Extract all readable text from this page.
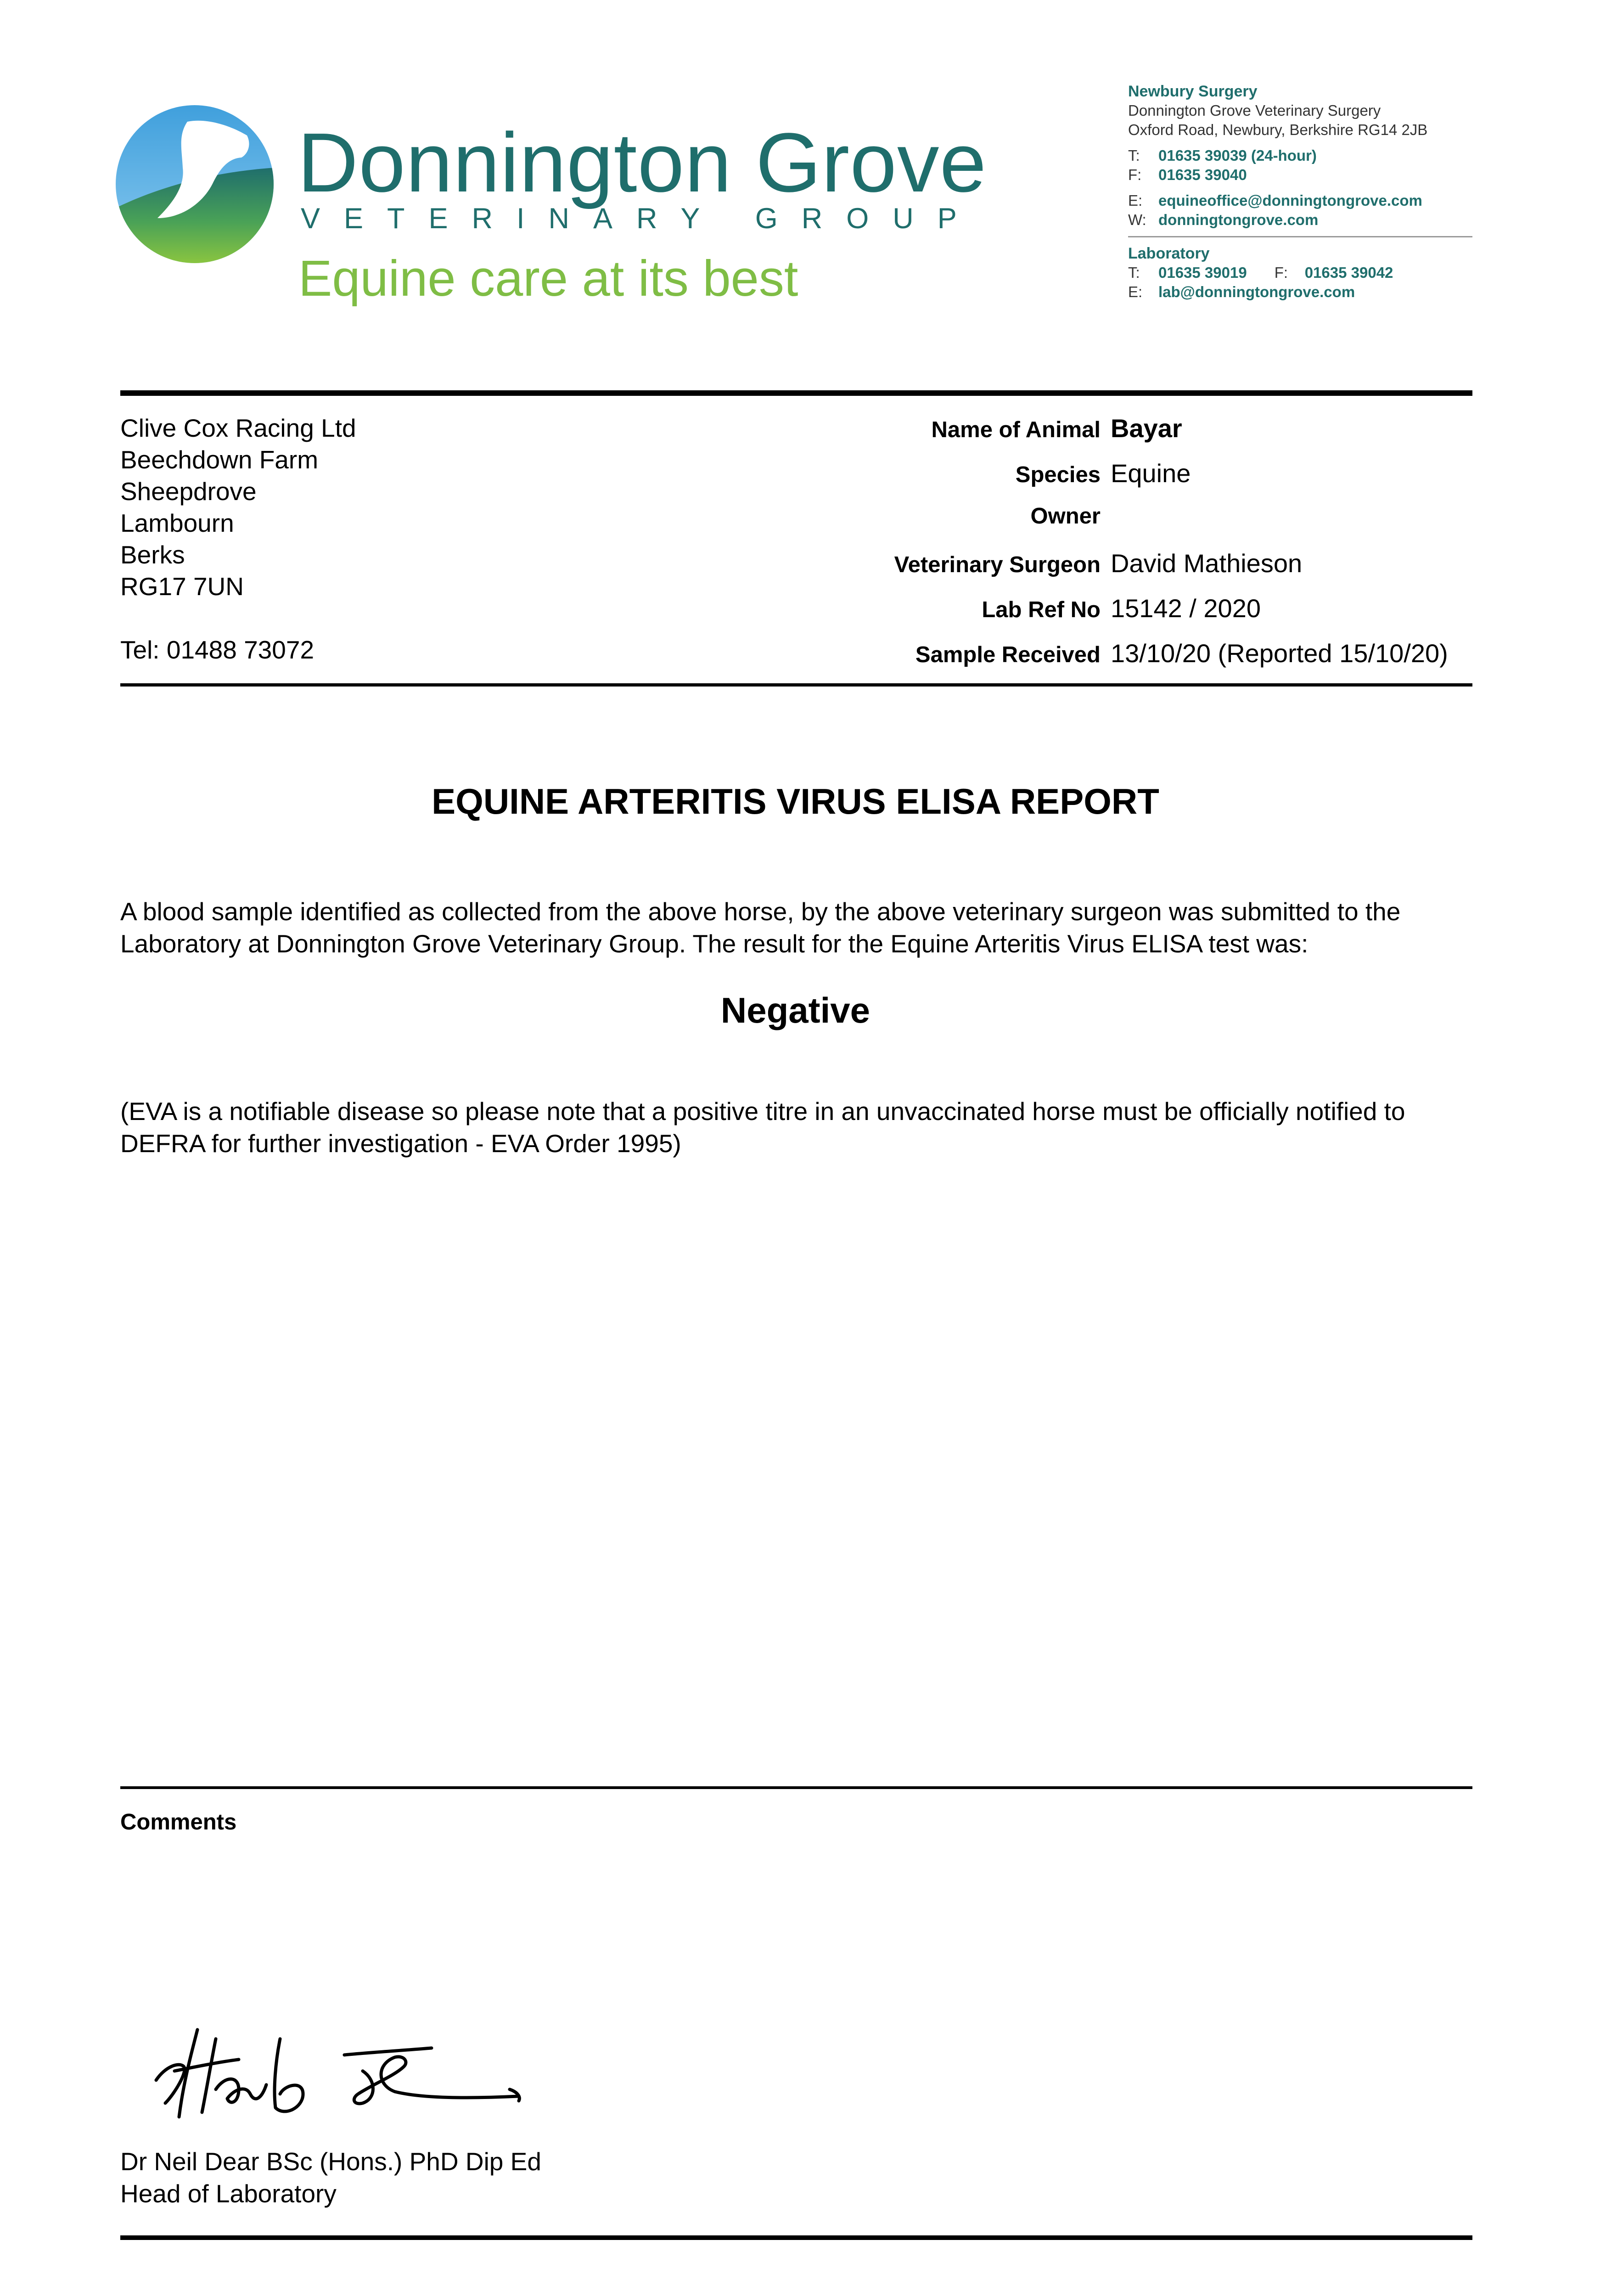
Donnington Grove
VETERINARY GROUP
Equine care at its best
Newbury Surgery
Donnington Grove Veterinary Surgery
Oxford Road, Newbury, Berkshire RG14 2JB
T: 01635 39039 (24-hour)
F: 01635 39040
E: equineoffice@donningtongrove.com
W: donningtongrove.com
Laboratory
T: 01635 39019 F: 01635 39042
E: lab@donningtongrove.com
Clive Cox Racing Ltd
Beechdown Farm
Sheepdrove
Lambourn
Berks
RG17 7UN
Tel: 01488 73072
Name of Animal Bayar
Species Equine
Owner
Veterinary Surgeon David Mathieson
Lab Ref No 15142 / 2020
Sample Received 13/10/20 (Reported 15/10/20)
EQUINE ARTERITIS VIRUS ELISA REPORT
A blood sample identified as collected from the above horse, by the above veterinary surgeon was submitted to the Laboratory at Donnington Grove Veterinary Group. The result for the Equine Arteritis Virus ELISA test was:
Negative
(EVA is a notifiable disease so please note that a positive titre in an unvaccinated horse must be officially notified to DEFRA for further investigation - EVA Order 1995)
Comments
Dr Neil Dear BSc (Hons.) PhD Dip Ed
Head of Laboratory
